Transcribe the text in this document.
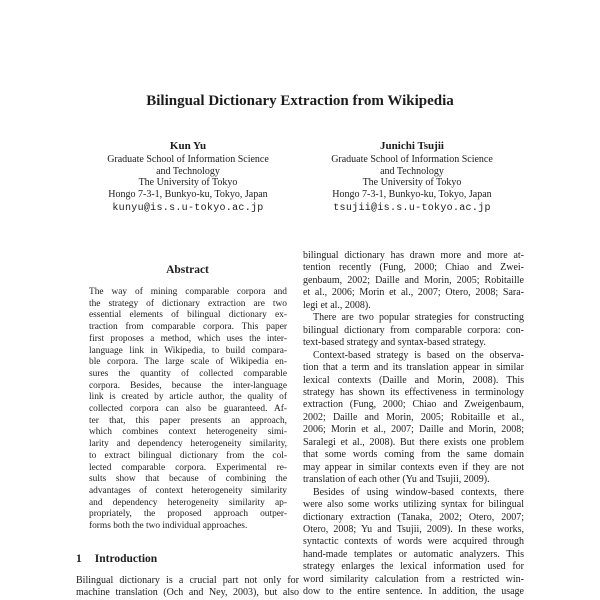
Bilingual Dictionary Extraction from Wikipedia
Kun Yu
Graduate School of Information Science
and Technology
The University of Tokyo
Hongo 7-3-1, Bunkyo-ku, Tokyo, Japan
kunyu@is.s.u-tokyo.ac.jp
Junichi Tsujii
Graduate School of Information Science
and Technology
The University of Tokyo
Hongo 7-3-1, Bunkyo-ku, Tokyo, Japan
tsujii@is.s.u-tokyo.ac.jp
Abstract
The way of mining comparable corpora and
the strategy of dictionary extraction are two
essential elements of bilingual dictionary ex-
traction from comparable corpora. This paper
first proposes a method, which uses the inter-
language link in Wikipedia, to build compara-
ble corpora. The large scale of Wikipedia en-
sures the quantity of collected comparable
corpora. Besides, because the inter-language
link is created by article author, the quality of
collected corpora can also be guaranteed. Af-
ter that, this paper presents an approach,
which combines context heterogeneity simi-
larity and dependency heterogeneity similarity,
to extract bilingual dictionary from the col-
lected comparable corpora. Experimental re-
sults show that because of combining the
advantages of context heterogeneity similarity
and dependency heterogeneity similarity ap-
propriately, the proposed approach outper-
forms both the two individual approaches.
1 Introduction
Bilingual dictionary is a crucial part not only for
machine translation (Och and Ney, 2003), but also
bilingual dictionary has drawn more and more at-
tention recently (Fung, 2000; Chiao and Zwei-
genbaum, 2002; Daille and Morin, 2005; Robitaille
et al., 2006; Morin et al., 2007; Otero, 2008; Sara-
legi et al., 2008).
There are two popular strategies for constructing
bilingual dictionary from comparable corpora: con-
text-based strategy and syntax-based strategy.
Context-based strategy is based on the observa-
tion that a term and its translation appear in similar
lexical contexts (Daille and Morin, 2008). This
strategy has shown its effectiveness in terminology
extraction (Fung, 2000; Chiao and Zweigenbaum,
2002; Daille and Morin, 2005; Robitaille et al.,
2006; Morin et al., 2007; Daille and Morin, 2008;
Saralegi et al., 2008). But there exists one problem
that some words coming from the same domain
may appear in similar contexts even if they are not
translation of each other (Yu and Tsujii, 2009).
Besides of using window-based contexts, there
were also some works utilizing syntax for bilingual
dictionary extraction (Tanaka, 2002; Otero, 2007;
Otero, 2008; Yu and Tsujii, 2009). In these works,
syntactic contexts of words were acquired through
hand-made templates or automatic analyzers. This
strategy enlarges the lexical information used for
word similarity calculation from a restricted win-
dow to the entire sentence. In addition, the usage
